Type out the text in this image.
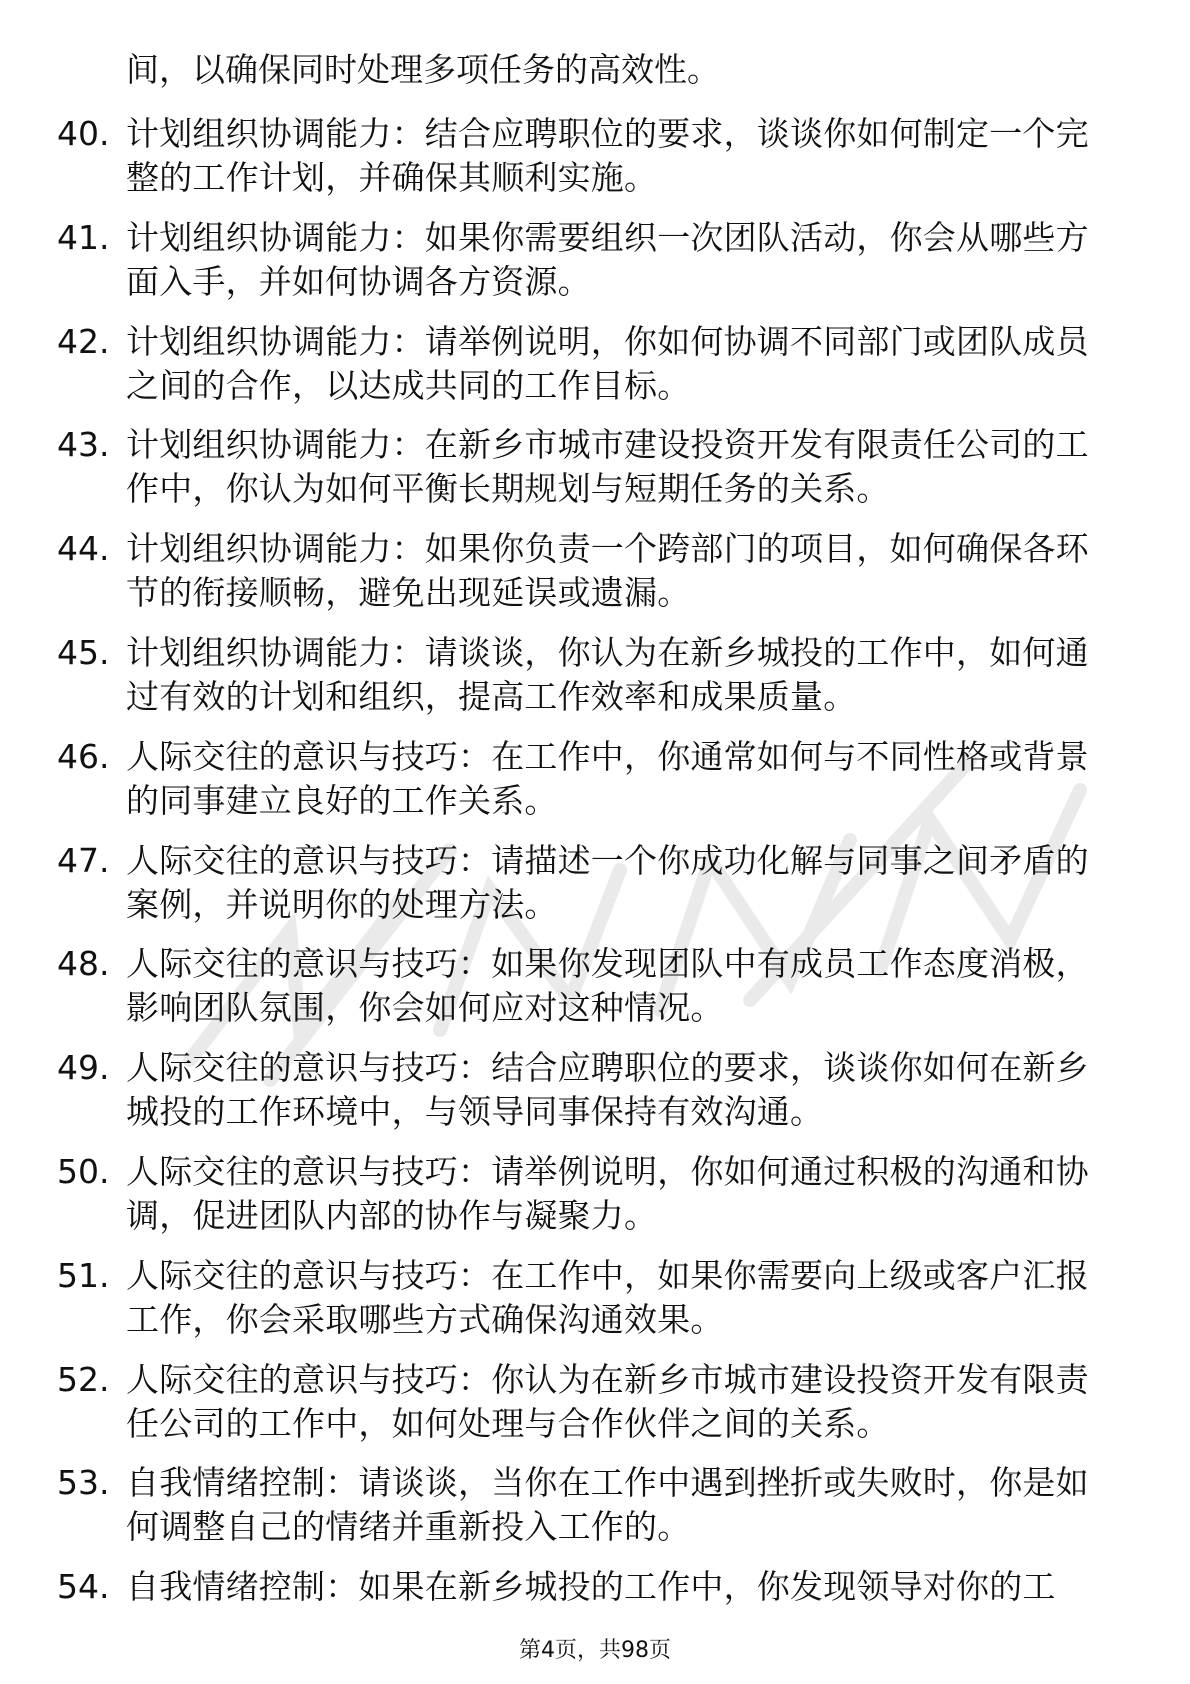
间，以确保同时处理多项任务的高效性。
40. 计划组织协调能力：结合应聘职位的要求，谈谈你如何制定一个完整的工作计划，并确保其顺利实施。
41. 计划组织协调能力：如果你需要组织一次团队活动，你会从哪些方面入手，并如何协调各方资源。
42. 计划组织协调能力：请举例说明，你如何协调不同部门或团队成员之间的合作，以达成共同的工作目标。
43. 计划组织协调能力：在新乡市城市建设投资开发有限责任公司的工作中，你认为如何平衡长期规划与短期任务的关系。
44. 计划组织协调能力：如果你负责一个跨部门的项目，如何确保各环节的衔接顺畅，避免出现延误或遗漏。
45. 计划组织协调能力：请谈谈，你认为在新乡城投的工作中，如何通过有效的计划和组织，提高工作效率和成果质量。
46. 人际交往的意识与技巧：在工作中，你通常如何与不同性格或背景的同事建立良好的工作关系。
47. 人际交往的意识与技巧：请描述一个你成功化解与同事之间矛盾的案例，并说明你的处理方法。
48. 人际交往的意识与技巧：如果你发现团队中有成员工作态度消极，影响团队氛围，你会如何应对这种情况。
49. 人际交往的意识与技巧：结合应聘职位的要求，谈谈你如何在新乡城投的工作环境中，与领导同事保持有效沟通。
50. 人际交往的意识与技巧：请举例说明，你如何通过积极的沟通和协调，促进团队内部的协作与凝聚力。
51. 人际交往的意识与技巧：在工作中，如果你需要向上级或客户汇报工作，你会采取哪些方式确保沟通效果。
52. 人际交往的意识与技巧：你认为在新乡市城市建设投资开发有限责任公司的工作中，如何处理与合作伙伴之间的关系。
53. 自我情绪控制：请谈谈，当你在工作中遇到挫折或失败时，你是如何调整自己的情绪并重新投入工作的。
54. 自我情绪控制：如果在新乡城投的工作中，你发现领导对你的工
第4页，共98页
